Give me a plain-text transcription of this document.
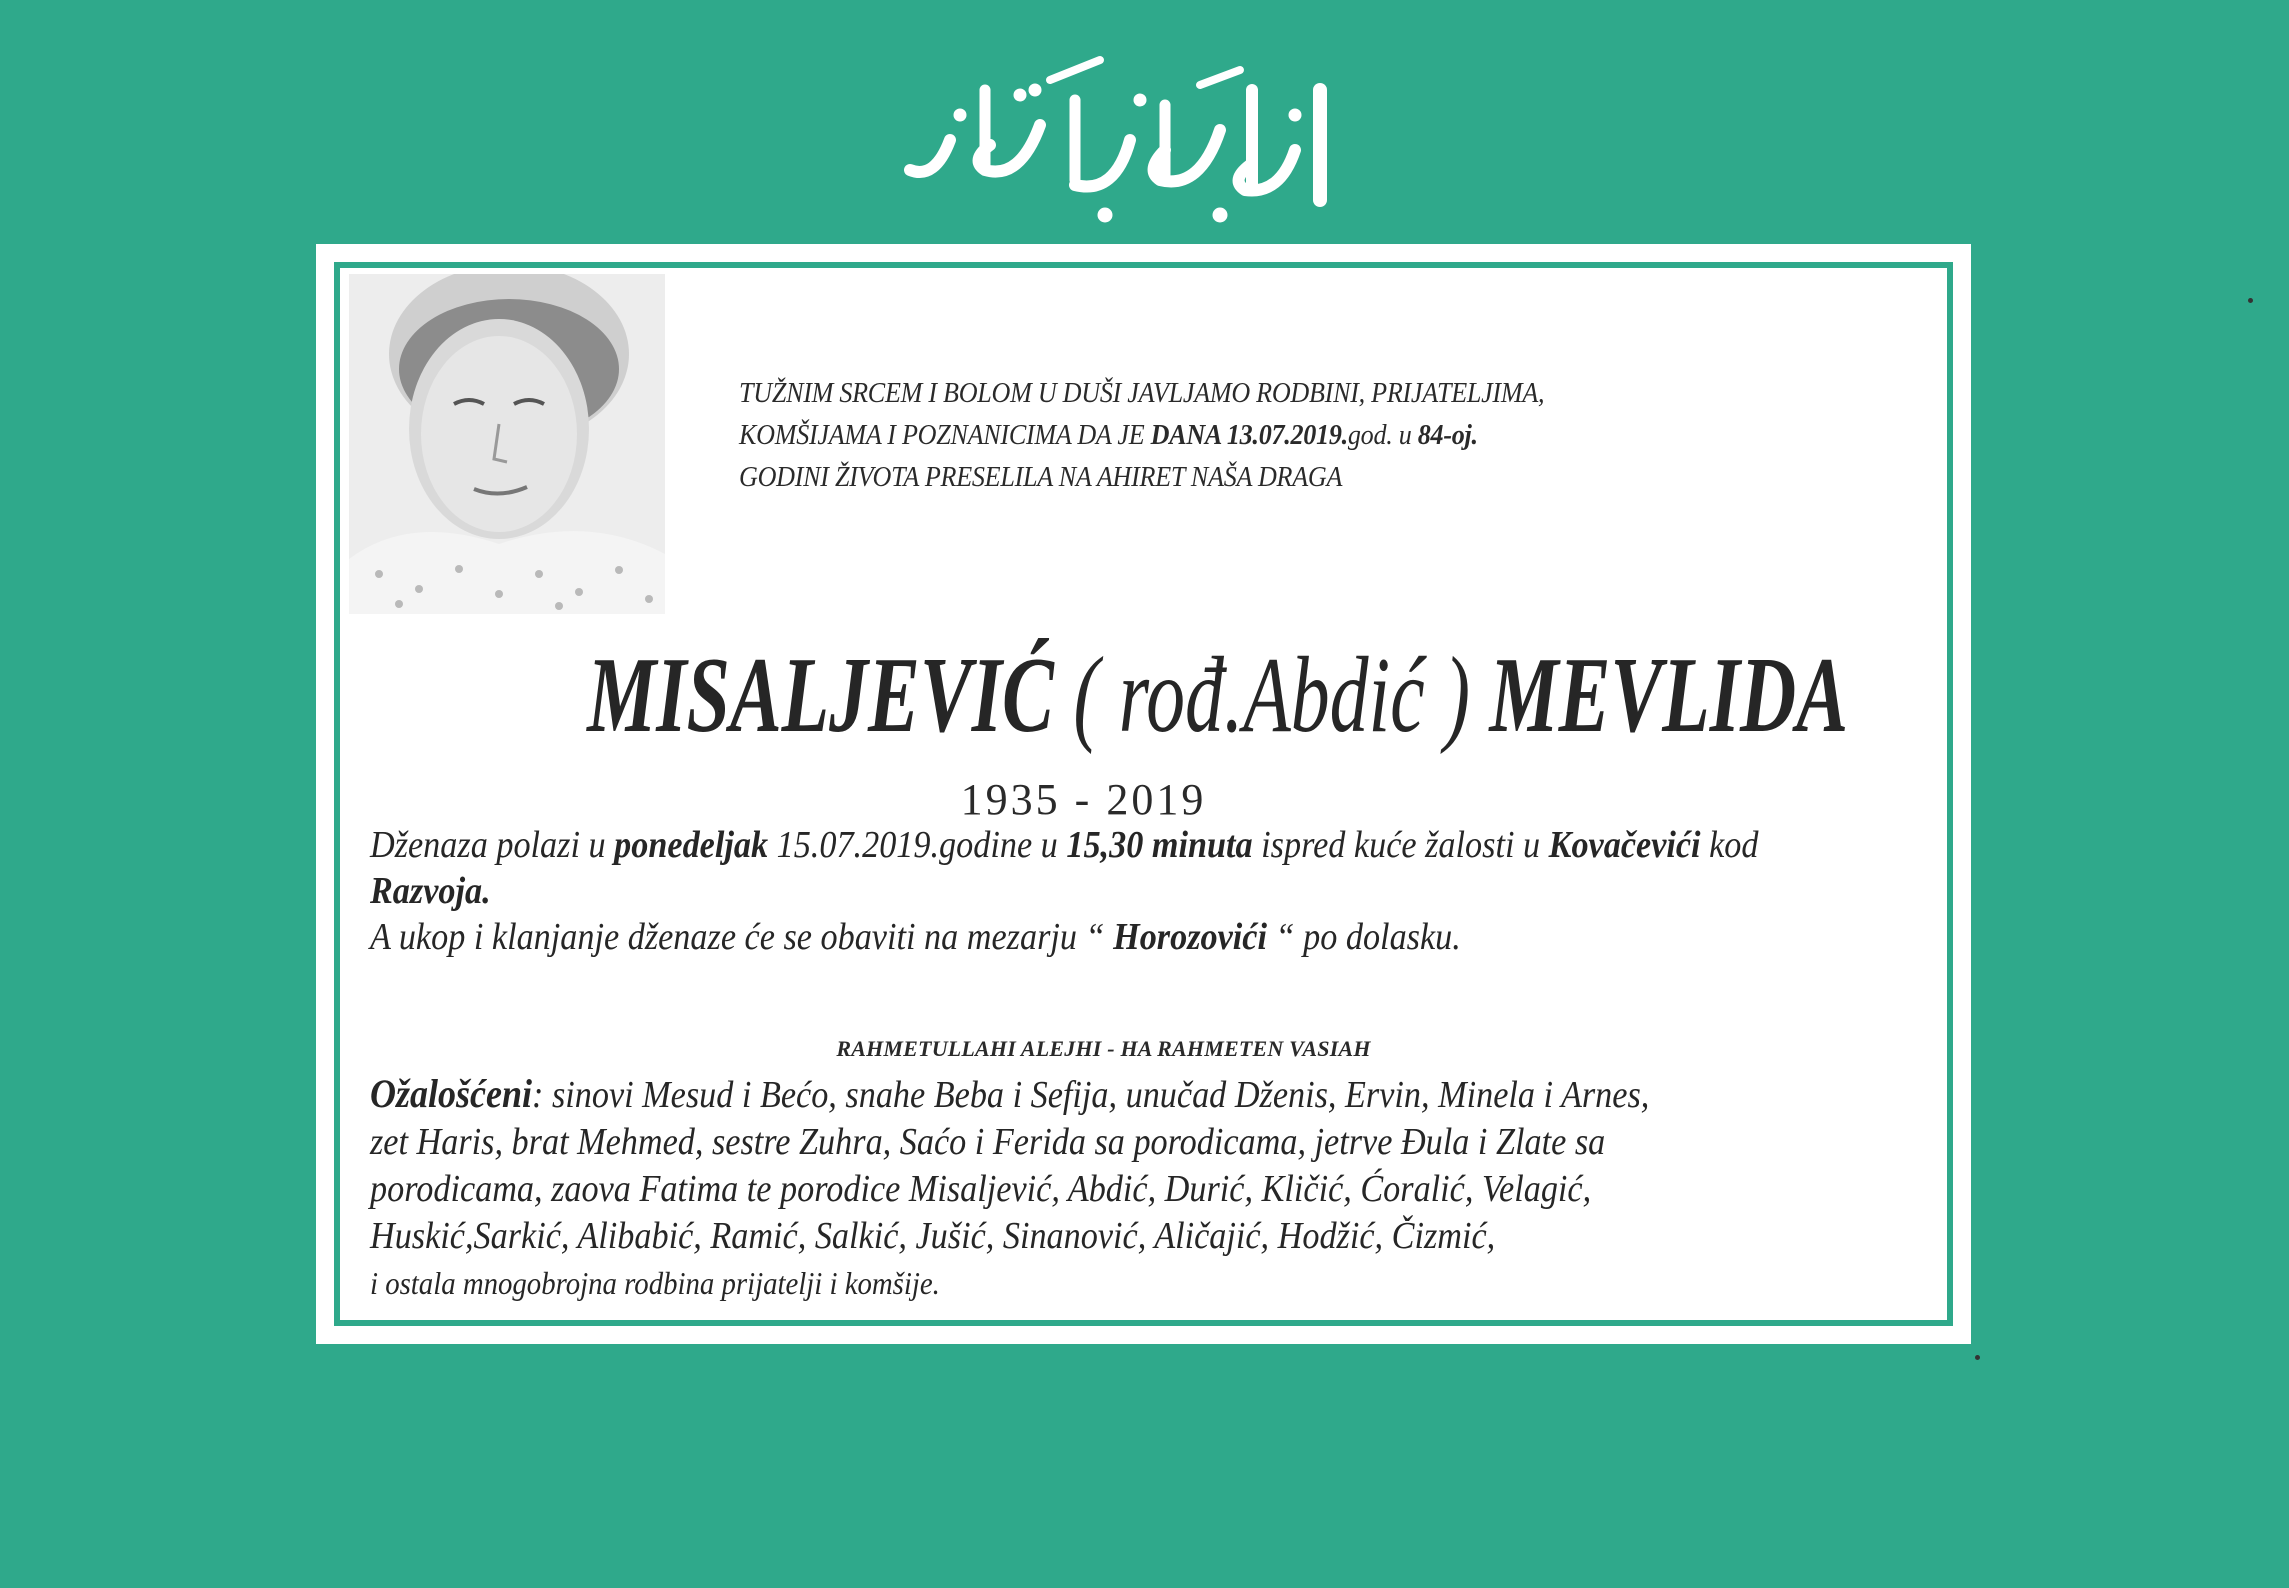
TUŽNIM SRCEM I BOLOM U DUŠI JAVLJAMO RODBINI, PRIJATELJIMA,
KOMŠIJAMA I POZNANICIMA DA JE DANA 13.07.2019.god. u 84-oj.
GODINI ŽIVOTA PRESELILA NA AHIRET NAŠA DRAGA
MISALJEVIĆ ( rođ.Abdić ) MEVLIDA
1935 - 2019

Dženaza polazi u ponedeljak 15.07.2019.godine u 15,30 minuta ispred kuće žalosti u Kovačevići kod

Razvoja.

A ukop i klanjanje dženaze će se obaviti na mezarju “ Horozovići “ po dolasku.

RAHMETULLAHI ALEJHI - HA RAHMETEN VASIAH

Ožalošćeni: sinovi Mesud i Bećo, snahe Beba i Sefija, unučad Dženis, Ervin, Minela i Arnes,

zet Haris, brat Mehmed, sestre Zuhra, Saćo i Ferida sa porodicama, jetrve Đula i Zlate sa

porodicama, zaova Fatima te porodice Misaljević, Abdić, Durić, Kličić, Ćoralić, Velagić,

Huskić,Sarkić, Alibabić, Ramić, Salkić, Jušić, Sinanović, Aličajić, Hodžić, Čizmić,

i ostala mnogobrojna rodbina prijatelji i komšije.
